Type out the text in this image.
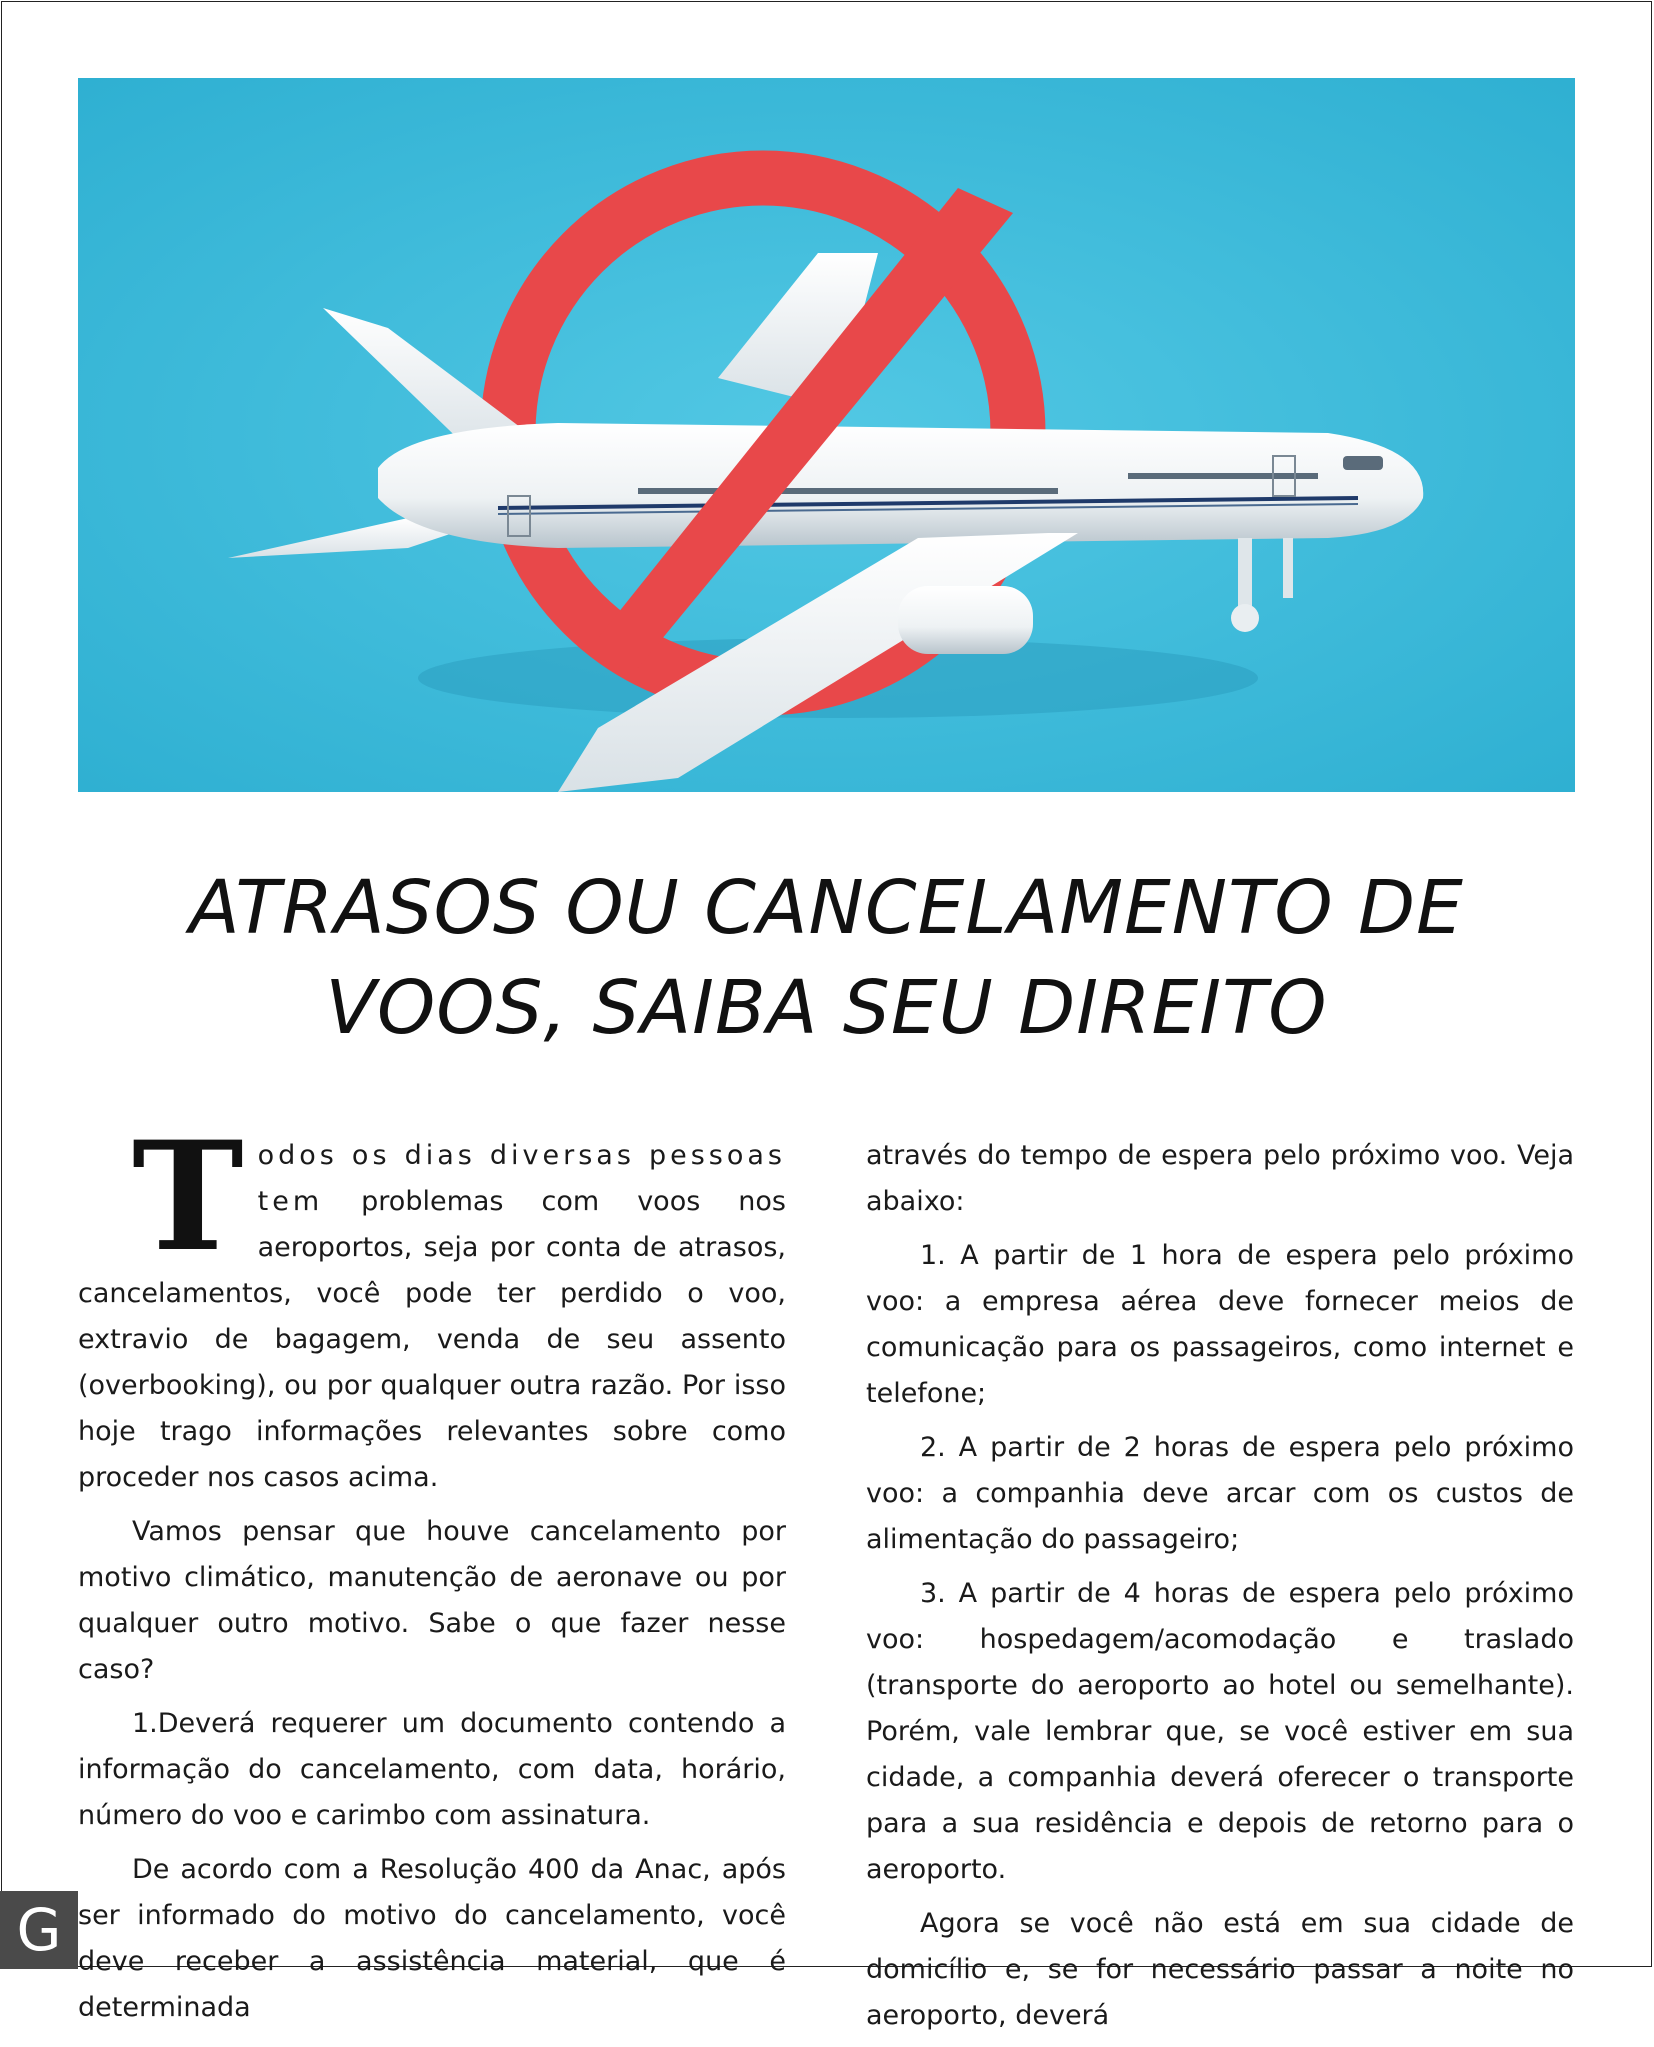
ATRASOS OU CANCELAMENTO DE
VOOS, SAIBA SEU DIREITO

Todos os dias diversas pessoas tem problemas com voos nos aeroportos, seja por conta de atrasos, cancelamentos, você pode ter perdido o voo, extravio de bagagem, venda de seu assento (overbooking), ou por qualquer outra razão. Por isso hoje trago informações relevantes sobre como proceder nos casos acima.

Vamos pensar que houve cancelamento por motivo climático, manutenção de aeronave ou por qualquer outro motivo. Sabe o que fazer nesse caso?

1.Deverá requerer um documento contendo a informação do cancelamento, com data, horário, número do voo e carimbo com assinatura.

De acordo com a Resolução 400 da Anac, após ser informado do motivo do cancelamento, você deve receber a assistência material, que é determinada

através do tempo de espera pelo próximo voo. Veja abaixo:

1. A partir de 1 hora de espera pelo próximo voo: a empresa aérea deve fornecer meios de comunicação para os passageiros, como internet e telefone;

2. A partir de 2 horas de espera pelo próximo voo: a companhia deve arcar com os custos de alimentação do passageiro;

3. A partir de 4 horas de espera pelo próximo voo: hospedagem/acomodação e traslado (transporte do aeroporto ao hotel ou semelhante). Porém, vale lembrar que, se você estiver em sua cidade, a companhia deverá oferecer o transporte para a sua residência e depois de retorno para o aeroporto.

Agora se você não está em sua cidade de domicílio e, se for necessário passar a noite no aeroporto, deverá

G
